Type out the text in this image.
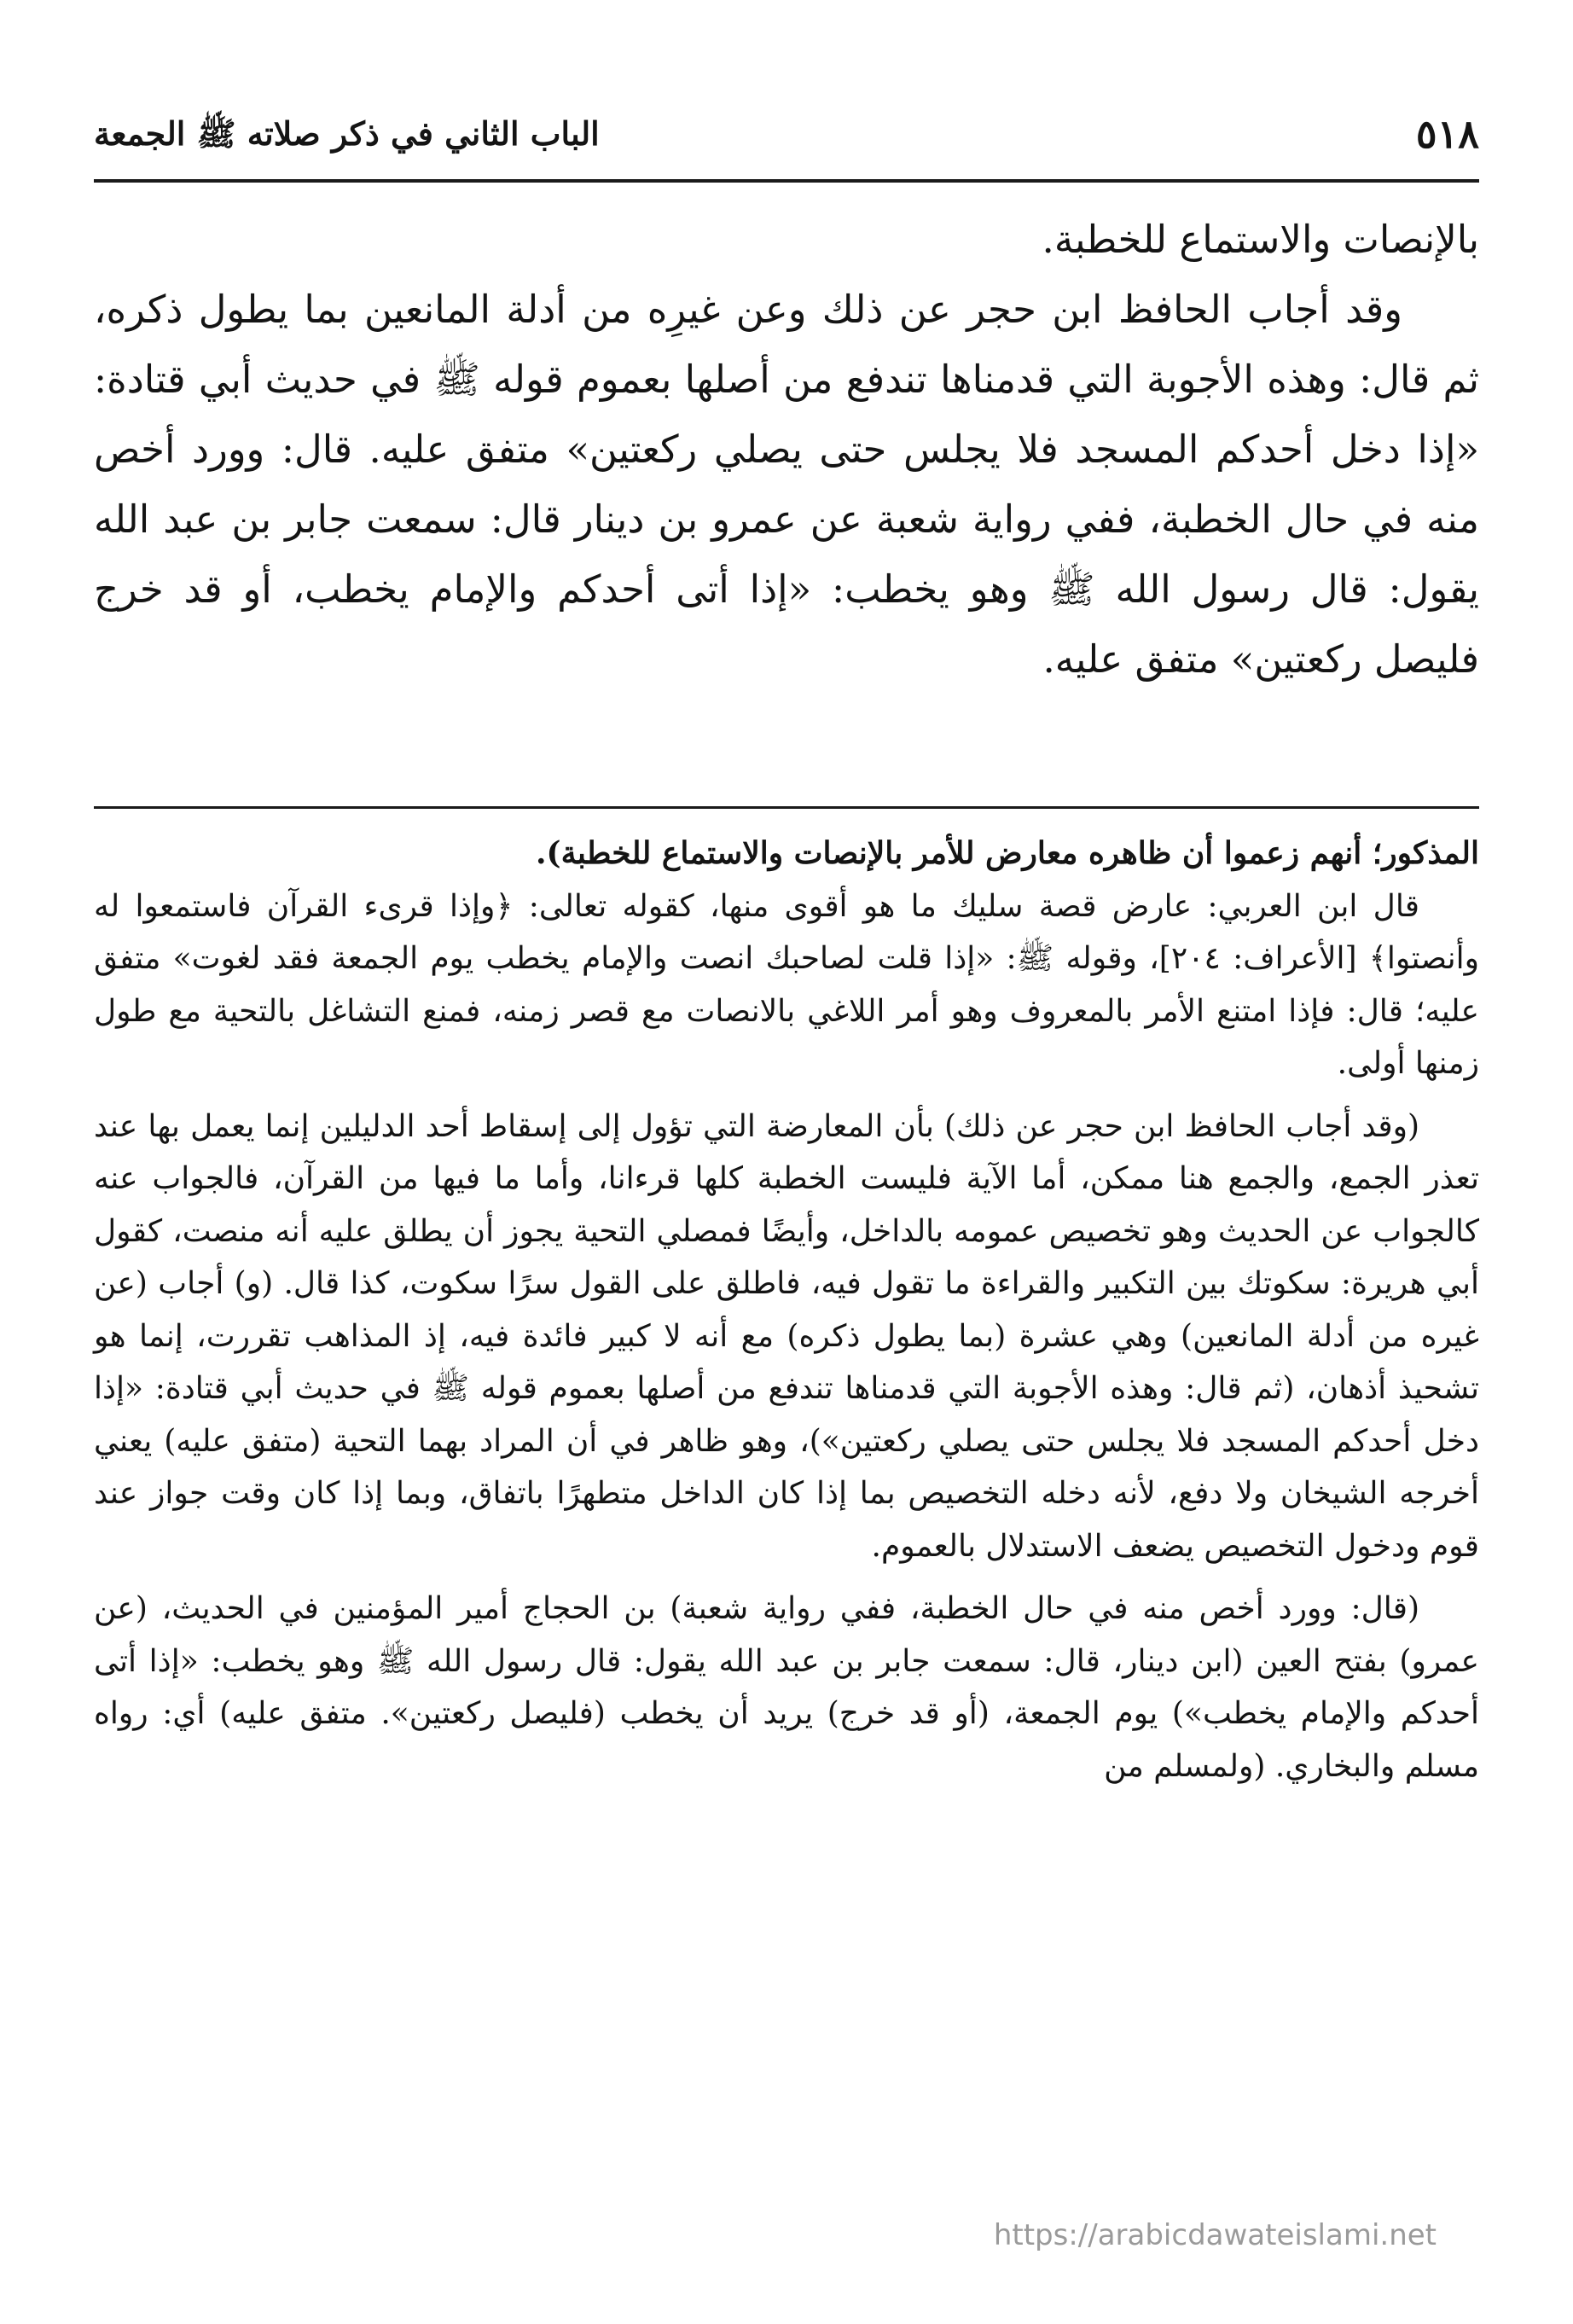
٥١٨
الباب الثاني في ذكر صلاته ﷺ الجمعة

بالإنصات والاستماع للخطبة.

وقد أجاب الحافظ ابن حجر عن ذلك وعن غيرِه من أدلة المانعين بما يطول ذكره، ثم قال: وهذه الأجوبة التي قدمناها تندفع من أصلها بعموم قوله ﷺ في حديث أبي قتادة: «إذا دخل أحدكم المسجد فلا يجلس حتى يصلي ركعتين» متفق عليه. قال: وورد أخص منه في حال الخطبة، ففي رواية شعبة عن عمرو بن دينار قال: سمعت جابر بن عبد الله يقول: قال رسول الله ﷺ وهو يخطب: «إذا أتى أحدكم والإمام يخطب، أو قد خرج فليصل ركعتين» متفق عليه.

المذكور؛ أنهم زعموا أن ظاهره معارض للأمر بالإنصات والاستماع للخطبة).

قال ابن العربي: عارض قصة سليك ما هو أقوى منها، كقوله تعالى: ﴿وإذا قرىء القرآن فاستمعوا له وأنصتوا﴾ [الأعراف: ٢٠٤]، وقوله ﷺ: «إذا قلت لصاحبك انصت والإمام يخطب يوم الجمعة فقد لغوت» متفق عليه؛ قال: فإذا امتنع الأمر بالمعروف وهو أمر اللاغي بالانصات مع قصر زمنه، فمنع التشاغل بالتحية مع طول زمنها أولى.

(وقد أجاب الحافظ ابن حجر عن ذلك) بأن المعارضة التي تؤول إلى إسقاط أحد الدليلين إنما يعمل بها عند تعذر الجمع، والجمع هنا ممكن، أما الآية فليست الخطبة كلها قرءانا، وأما ما فيها من القرآن، فالجواب عنه كالجواب عن الحديث وهو تخصيص عمومه بالداخل، وأيضًا فمصلي التحية يجوز أن يطلق عليه أنه منصت، كقول أبي هريرة: سكوتك بين التكبير والقراءة ما تقول فيه، فاطلق على القول سرًا سكوت، كذا قال. (و) أجاب (عن غيره من أدلة المانعين) وهي عشرة (بما يطول ذكره) مع أنه لا كبير فائدة فيه، إذ المذاهب تقررت، إنما هو تشحيذ أذهان، (ثم قال: وهذه الأجوبة التي قدمناها تندفع من أصلها بعموم قوله ﷺ في حديث أبي قتادة: «إذا دخل أحدكم المسجد فلا يجلس حتى يصلي ركعتين»)، وهو ظاهر في أن المراد بهما التحية (متفق عليه) يعني أخرجه الشيخان ولا دفع، لأنه دخله التخصيص بما إذا كان الداخل متطهرًا باتفاق، وبما إذا كان وقت جواز عند قوم ودخول التخصيص يضعف الاستدلال بالعموم.

(قال: وورد أخص منه في حال الخطبة، ففي رواية شعبة) بن الحجاج أمير المؤمنين في الحديث، (عن عمرو) بفتح العين (ابن دينار، قال: سمعت جابر بن عبد الله يقول: قال رسول الله ﷺ وهو يخطب: «إذا أتى أحدكم والإمام يخطب») يوم الجمعة، (أو قد خرج) يريد أن يخطب (فليصل ركعتين». متفق عليه) أي: رواه مسلم والبخاري. (ولمسلم من

https://arabicdawateislami.net
